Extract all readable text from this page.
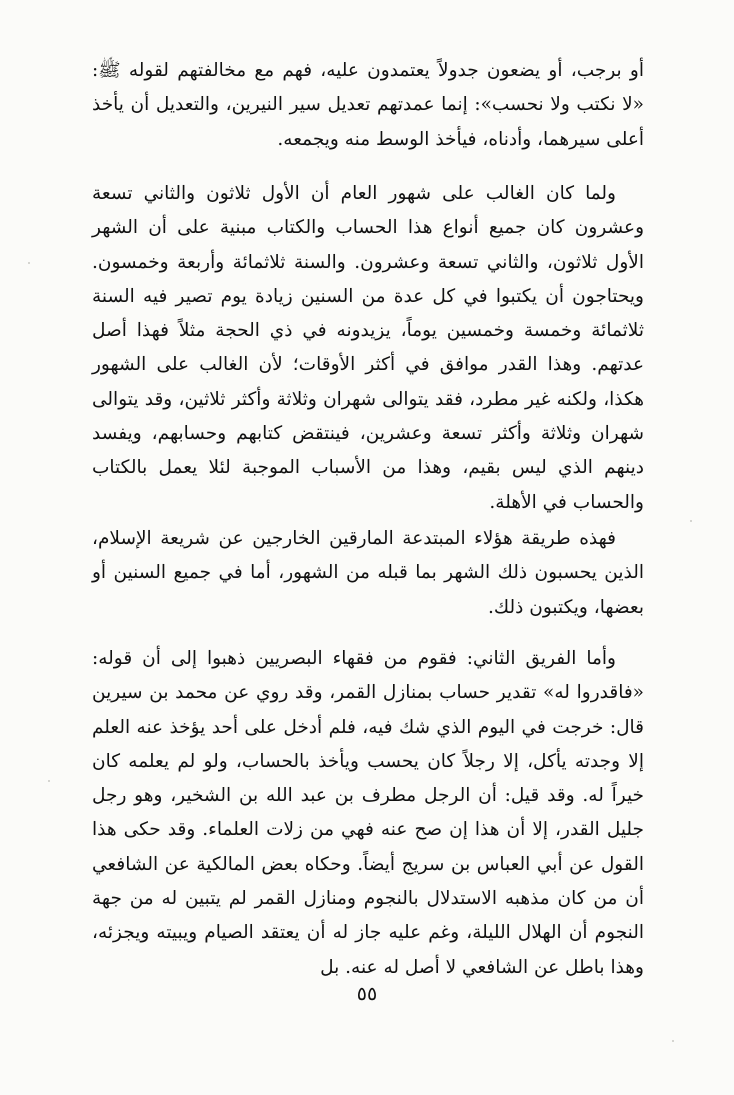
أو برجب، أو يضعون جدولاً يعتمدون عليه، فهم مع مخالفتهم لقوله ﷺ: «لا نكتب ولا نحسب»: إنما عمدتهم تعديل سير النيرين، والتعديل أن يأخذ أعلى سيرهما، وأدناه، فيأخذ الوسط منه ويجمعه.

ولما كان الغالب على شهور العام أن الأول ثلاثون والثاني تسعة وعشرون كان جميع أنواع هذا الحساب والكتاب مبنية على أن الشهر الأول ثلاثون، والثاني تسعة وعشرون. والسنة ثلاثمائة وأربعة وخمسون. ويحتاجون أن يكتبوا في كل عدة من السنين زيادة يوم تصير فيه السنة ثلاثمائة وخمسة وخمسين يوماً، يزيدونه في ذي الحجة مثلاً فهذا أصل عدتهم. وهذا القدر موافق في أكثر الأوقات؛ لأن الغالب على الشهور هكذا، ولكنه غير مطرد، فقد يتوالى شهران وثلاثة وأكثر ثلاثين، وقد يتوالى شهران وثلاثة وأكثر تسعة وعشرين، فينتقض كتابهم وحسابهم، ويفسد دينهم الذي ليس بقيم، وهذا من الأسباب الموجبة لئلا يعمل بالكتاب والحساب في الأهلة.

فهذه طريقة هؤلاء المبتدعة المارقين الخارجين عن شريعة الإسلام، الذين يحسبون ذلك الشهر بما قبله من الشهور، أما في جميع السنين أو بعضها، ويكتبون ذلك.

وأما الفريق الثاني: فقوم من فقهاء البصريين ذهبوا إلى أن قوله: «فاقدروا له» تقدير حساب بمنازل القمر، وقد روي عن محمد بن سيرين قال: خرجت في اليوم الذي شك فيه، فلم أدخل على أحد يؤخذ عنه العلم إلا وجدته يأكل، إلا رجلاً كان يحسب ويأخذ بالحساب، ولو لم يعلمه كان خيراً له. وقد قيل: أن الرجل مطرف بن عبد الله بن الشخير، وهو رجل جليل القدر، إلا أن هذا إن صح عنه فهي من زلات العلماء. وقد حكى هذا القول عن أبي العباس بن سريج أيضاً. وحكاه بعض المالكية عن الشافعي أن من كان مذهبه الاستدلال بالنجوم ومنازل القمر لم يتبين له من جهة النجوم أن الهلال الليلة، وغم عليه جاز له أن يعتقد الصيام ويبيته ويجزئه، وهذا باطل عن الشافعي لا أصل له عنه. بل

٥٥
